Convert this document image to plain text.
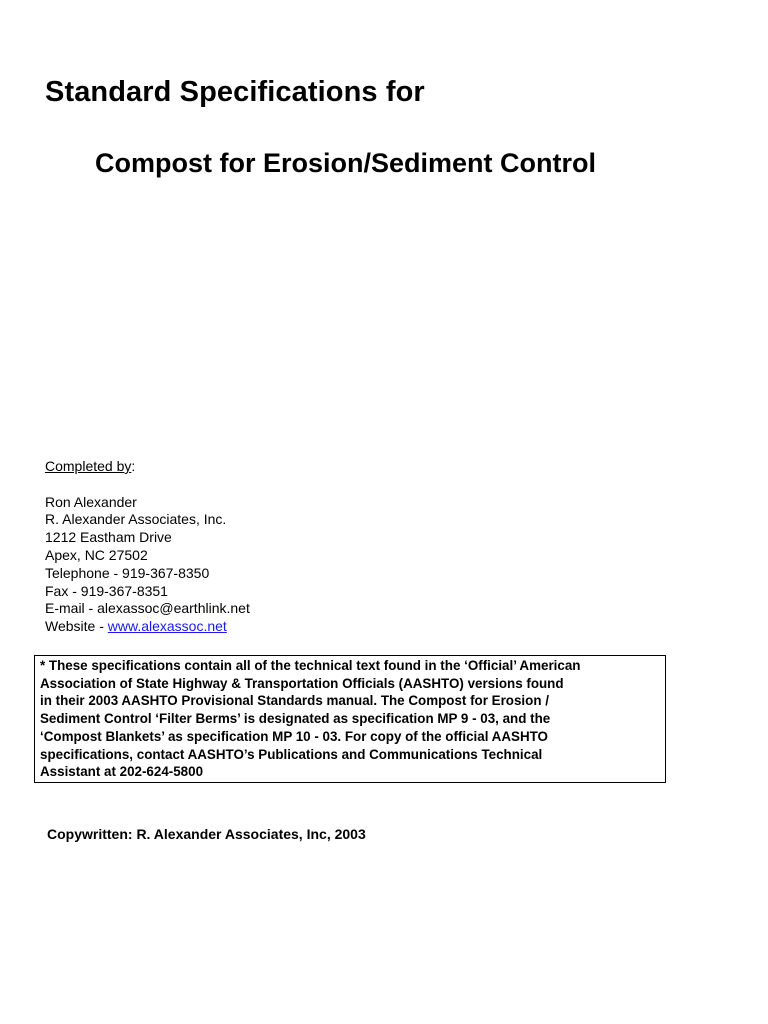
Standard Specifications for
Compost for Erosion/Sediment Control
Completed by:
Ron Alexander
R. Alexander Associates, Inc.
1212 Eastham Drive
Apex, NC 27502
Telephone - 919-367-8350
Fax - 919-367-8351
E-mail - alexassoc@earthlink.net
Website - www.alexassoc.net
* These specifications contain all of the technical text found in the ‘Official’ American
Association of State Highway & Transportation Officials (AASHTO) versions found
in their 2003 AASHTO Provisional Standards manual. The Compost for Erosion /
Sediment Control ‘Filter Berms’ is designated as specification MP 9 - 03, and the
‘Compost Blankets’ as specification MP 10 - 03. For copy of the official AASHTO
specifications, contact AASHTO’s Publications and Communications Technical
Assistant at 202-624-5800
Copywritten: R. Alexander Associates, Inc, 2003
